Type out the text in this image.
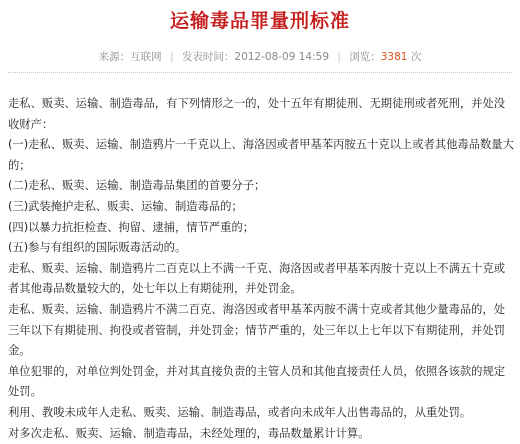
运输毒品罪量刑标准
来源：互联网 | 发表时间：2012-08-09 14:59 | 浏览：3381 次

走私、贩卖、运输、制造毒品，有下列情形之一的，处十五年有期徒刑、无期徒刑或者死刑，并处没收财产：

(一)走私、贩卖、运输、制造鸦片一千克以上、海洛因或者甲基苯丙胺五十克以上或者其他毒品数量大的；

(二)走私、贩卖、运输、制造毒品集团的首要分子；

(三)武装掩护走私、贩卖、运输、制造毒品的；

(四)以暴力抗拒检查、拘留、逮捕，情节严重的；

(五)参与有组织的国际贩毒活动的。

走私、贩卖、运输、制造鸦片二百克以上不满一千克、海洛因或者甲基苯丙胺十克以上不满五十克或者其他毒品数量较大的，处七年以上有期徒刑，并处罚金。

走私、贩卖、运输、制造鸦片不满二百克、海洛因或者甲基苯丙胺不满十克或者其他少量毒品的，处三年以下有期徒刑、拘役或者管制，并处罚金；情节严重的，处三年以上七年以下有期徒刑，并处罚金。

单位犯罪的，对单位判处罚金，并对其直接负责的主管人员和其他直接责任人员，依照各该款的规定处罚。

利用、教唆未成年人走私、贩卖、运输、制造毒品，或者向未成年人出售毒品的，从重处罚。

对多次走私、贩卖、运输、制造毒品，未经处理的，毒品数量累计计算。
